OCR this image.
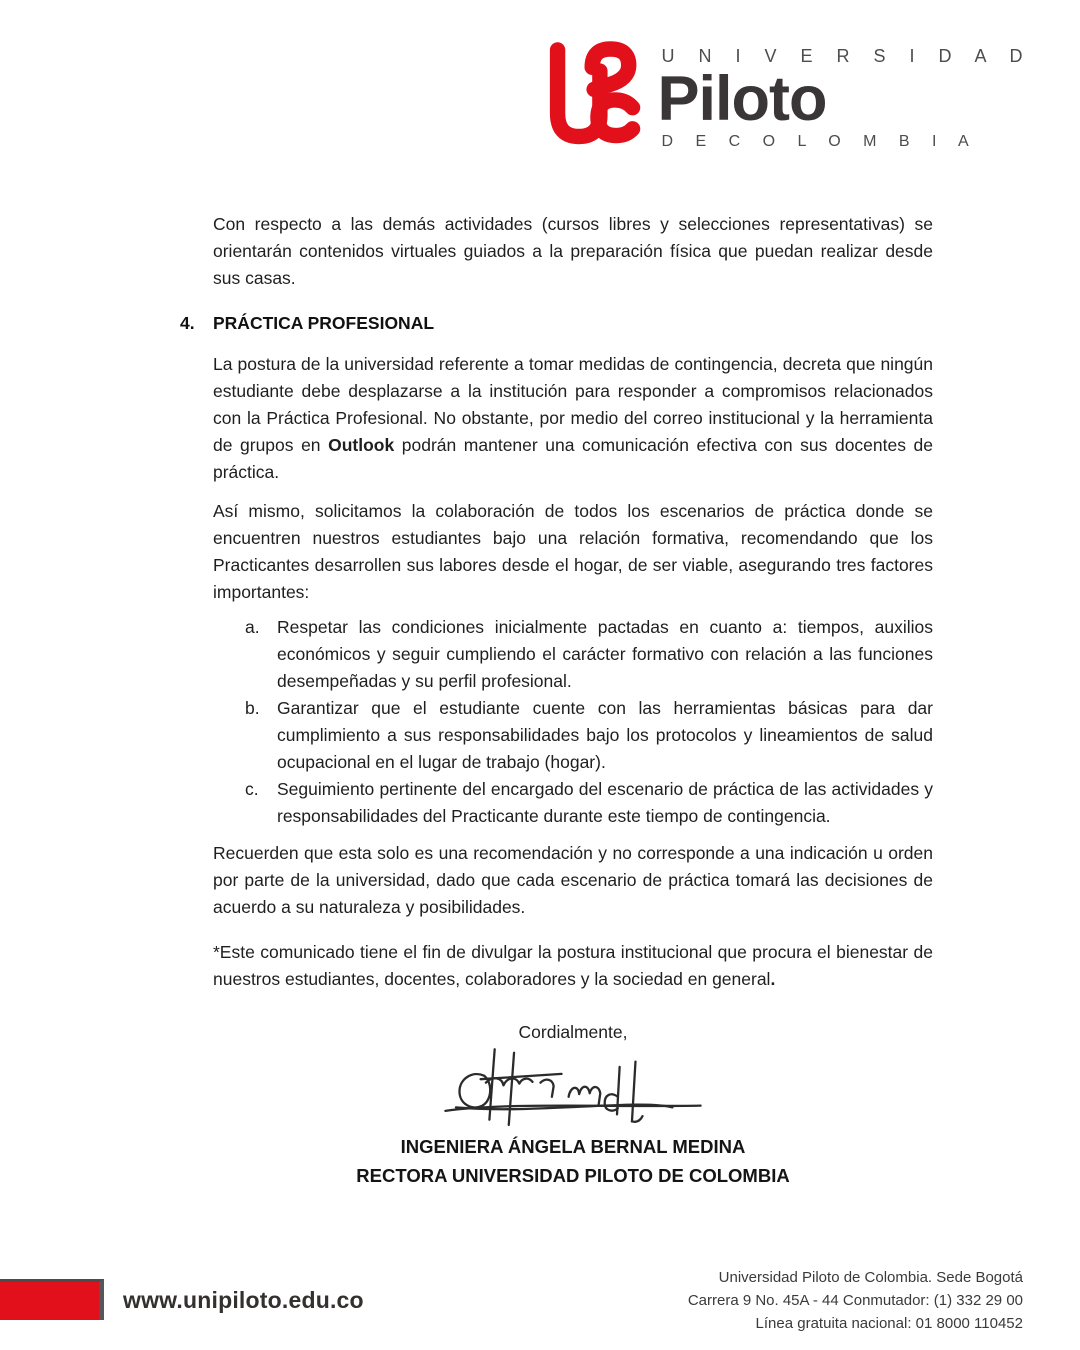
U N I V E R S I D A D
Piloto
D E C O L O M B I A

Con respecto a las demás actividades (cursos libres y selecciones representativas) se orientarán contenidos virtuales guiados a la preparación física que puedan realizar desde sus casas.

4.	PRÁCTICA PROFESIONAL

La postura de la universidad referente a tomar medidas de contingencia, decreta que ningún estudiante debe desplazarse a la institución para responder a compromisos relacionados con la Práctica Profesional. No obstante, por medio del correo institucional y la herramienta de grupos en Outlook podrán mantener una comunicación efectiva con sus docentes de práctica.

Así mismo, solicitamos la colaboración de todos los escenarios de práctica donde se encuentren nuestros estudiantes bajo una relación formativa, recomendando que los Practicantes desarrollen sus labores desde el hogar, de ser viable, asegurando tres factores importantes:

a. Respetar las condiciones inicialmente pactadas en cuanto a: tiempos, auxilios económicos y seguir cumpliendo el carácter formativo con relación a las funciones desempeñadas y su perfil profesional.
b. Garantizar que el estudiante cuente con las herramientas básicas para dar cumplimiento a sus responsabilidades bajo los protocolos y lineamientos de salud ocupacional en el lugar de trabajo (hogar).
c.	Seguimiento pertinente del encargado del escenario de práctica de las actividades y responsabilidades del Practicante durante este tiempo de contingencia.

Recuerden que esta solo es una recomendación y no corresponde a una indicación u orden por parte de la universidad, dado que cada escenario de práctica tomará las decisiones de acuerdo a su naturaleza y posibilidades.

*Este comunicado tiene el fin de divulgar la postura institucional que procura el bienestar de nuestros estudiantes, docentes, colaboradores y la sociedad en general.

Cordialmente,
INGENIERA ÁNGELA BERNAL MEDINA
RECTORA UNIVERSIDAD PILOTO DE COLOMBIA
www.unipiloto.edu.co
Universidad Piloto de Colombia. Sede Bogotá
Carrera 9 No. 45A - 44 Conmutador: (1) 332 29 00
Línea gratuita nacional: 01 8000 110452
